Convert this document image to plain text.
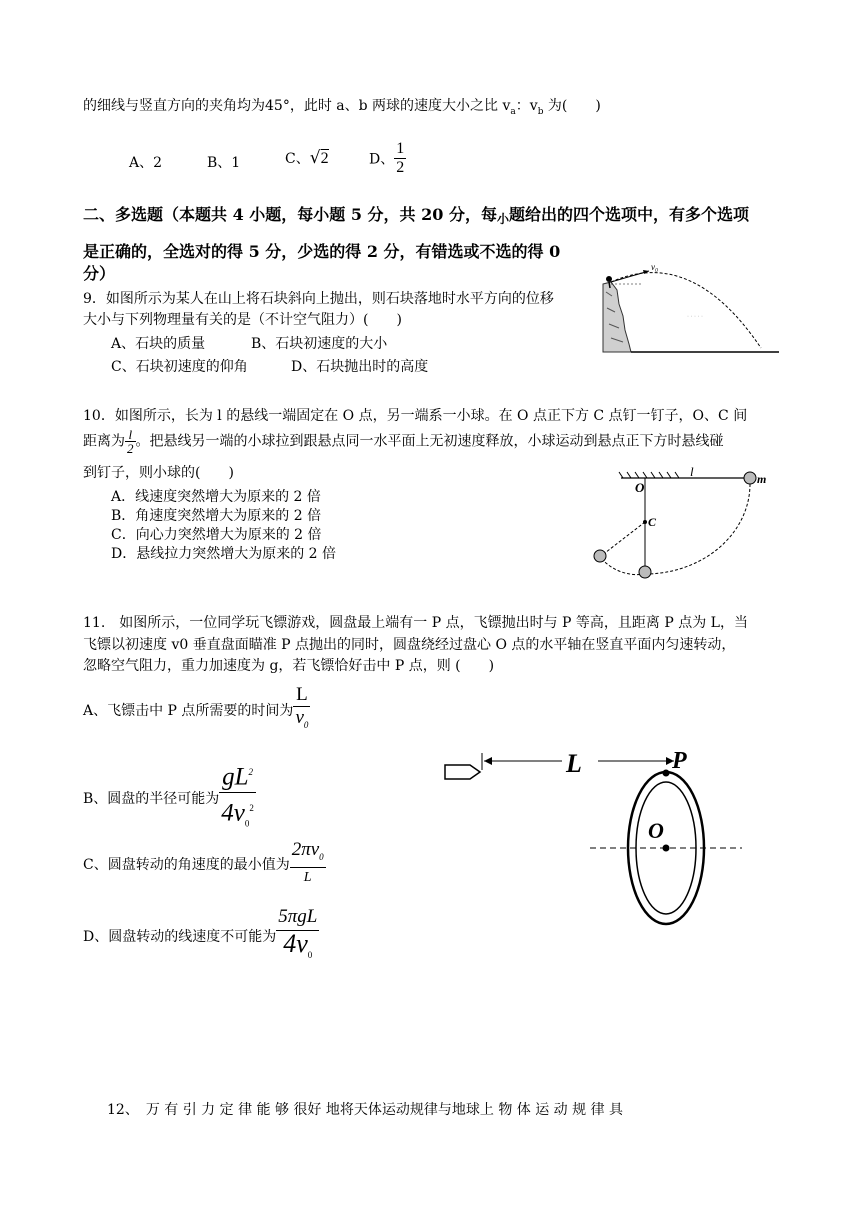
的细线与竖直方向的夹角均为45°，此时 a、b 两球的速度大小之比 $v_a$：$v_b$ 为(　　)
A、2	B、1	C、√2	D、 $\frac{1}{2}$
二、多选题（本题共 4 小题，每小题 5 分，共 20 分，每小题给出的四个选项中，有多个选项
是正确的，全选对的得 5 分，少选的得 2 分，有错选或不选的得 0
分）
9．如图所示为某人在山上将石块斜向上抛出，则石块落地时水平方向的位移
大小与下列物理量有关的是（不计空气阻力）(　　)
A、石块的质量	B、石块初速度的大小
C、石块初速度的仰角	D、石块抛出时的高度
v₀
· · · · ·
10．如图所示，长为 l 的悬线一端固定在 O 点，另一端系一小球。在 O 点正下方 C 点钉一钉子，O、C 间
距离为 $\frac{l}{2}$ 。把悬线另一端的小球拉到跟悬点同一水平面上无初速度释放，小球运动到悬点正下方时悬线碰
到钉子，则小球的(　　)
A．线速度突然增大为原来的 2 倍
B．角速度突然增大为原来的 2 倍
C．向心力突然增大为原来的 2 倍
D．悬线拉力突然增大为原来的 2 倍
O
l	m
C
11.　如图所示，一位同学玩飞镖游戏，圆盘最上端有一 P 点，飞镖抛出时与 P 等高，且距离 P 点为 L，当
飞镖以初速度 v0 垂直盘面瞄准 P 点抛出的同时，圆盘绕经过盘心 O 点的水平轴在竖直平面内匀速转动，
忽略空气阻力，重力加速度为 g，若飞镖恰好击中 P 点，则 (　　)
A、飞镖击中 P 点所需要的时间为 $\frac{L}{v_0}$
B、圆盘的半径可能为 $\frac{gL^2}{4v_0^2}$
C、圆盘转动的角速度的最小值为 $\frac{2\pi v_0}{L}$
D、圆盘转动的线速度不可能为 $\frac{\text{5πgL}}{4v_0}$
L	P
O
12、　万 有 引 力 定 律 能 够 很好 地将天体运动规律与地球上 物 体 运 动 规 律 具
